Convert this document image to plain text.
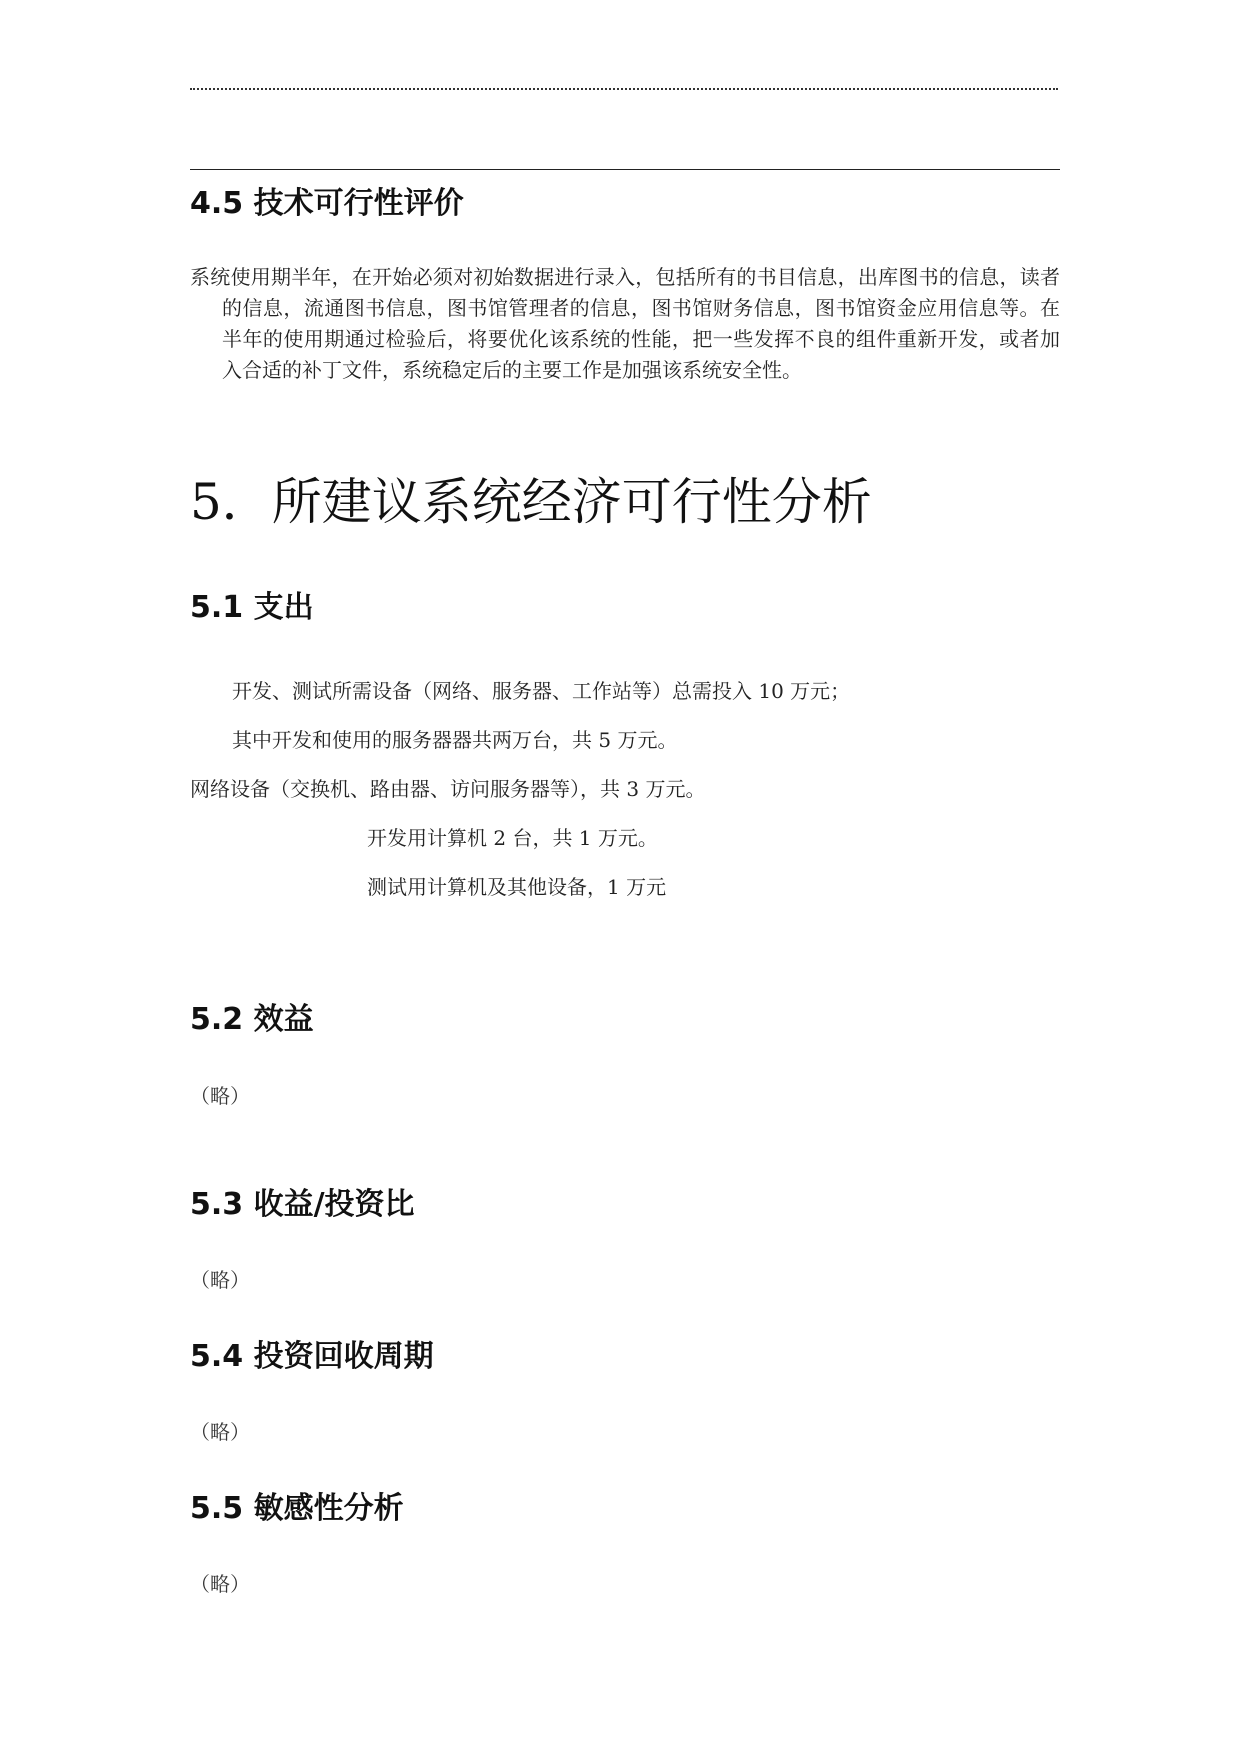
4.5 技术可行性评价

系统使用期半年，在开始必须对初始数据进行录入，包括所有的书目信息，出库图书的信息，读者的信息，流通图书信息，图书馆管理者的信息，图书馆财务信息，图书馆资金应用信息等。在半年的使用期通过检验后，将要优化该系统的性能，把一些发挥不良的组件重新开发，或者加入合适的补丁文件，系统稳定后的主要工作是加强该系统安全性。

5．所建议系统经济可行性分析
5.1 支出

开发、测试所需设备（网络、服务器、工作站等）总需投入 10 万元；

其中开发和使用的服务器器共两万台，共 5 万元。

网络设备（交换机、路由器、访问服务器等），共 3 万元。

开发用计算机 2 台，共 1 万元。

测试用计算机及其他设备，1 万元

5.2 效益

（略）

5.3 收益/投资比

（略）

5.4 投资回收周期

（略）

5.5 敏感性分析

（略）
